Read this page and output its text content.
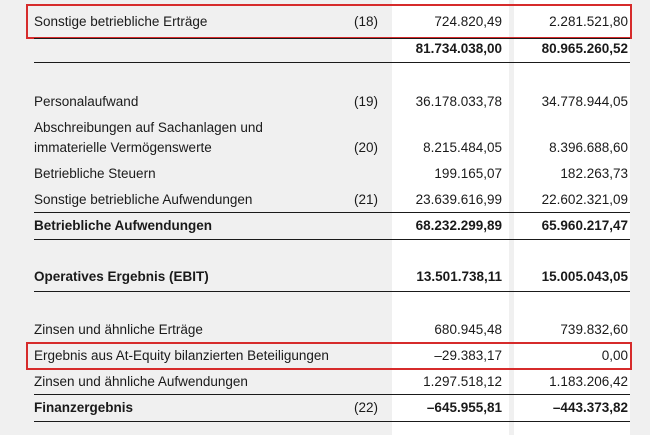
Sonstige betriebliche Erträge	(18)	724.820,49	2.281.521,80
81.734.038,00	80.965.260,52
Personalaufwand	(19)	36.178.033,78	34.778.944,05
Abschreibungen auf Sachanlagen und
immaterielle Vermögenswerte	(20)	8.215.484,05	8.396.688,60
Betriebliche Steuern	199.165,07	182.263,73
Sonstige betriebliche Aufwendungen	(21)	23.639.616,99	22.602.321,09
Betriebliche Aufwendungen	68.232.299,89	65.960.217,47
Operatives Ergebnis (EBIT)	13.501.738,11	15.005.043,05
Zinsen und ähnliche Erträge	680.945,48	739.832,60
Ergebnis aus At-Equity bilanzierten Beteiligungen	–29.383,17	0,00
Zinsen und ähnliche Aufwendungen	1.297.518,12	1.183.206,42
Finanzergebnis	(22)	–645.955,81	–443.373,82
